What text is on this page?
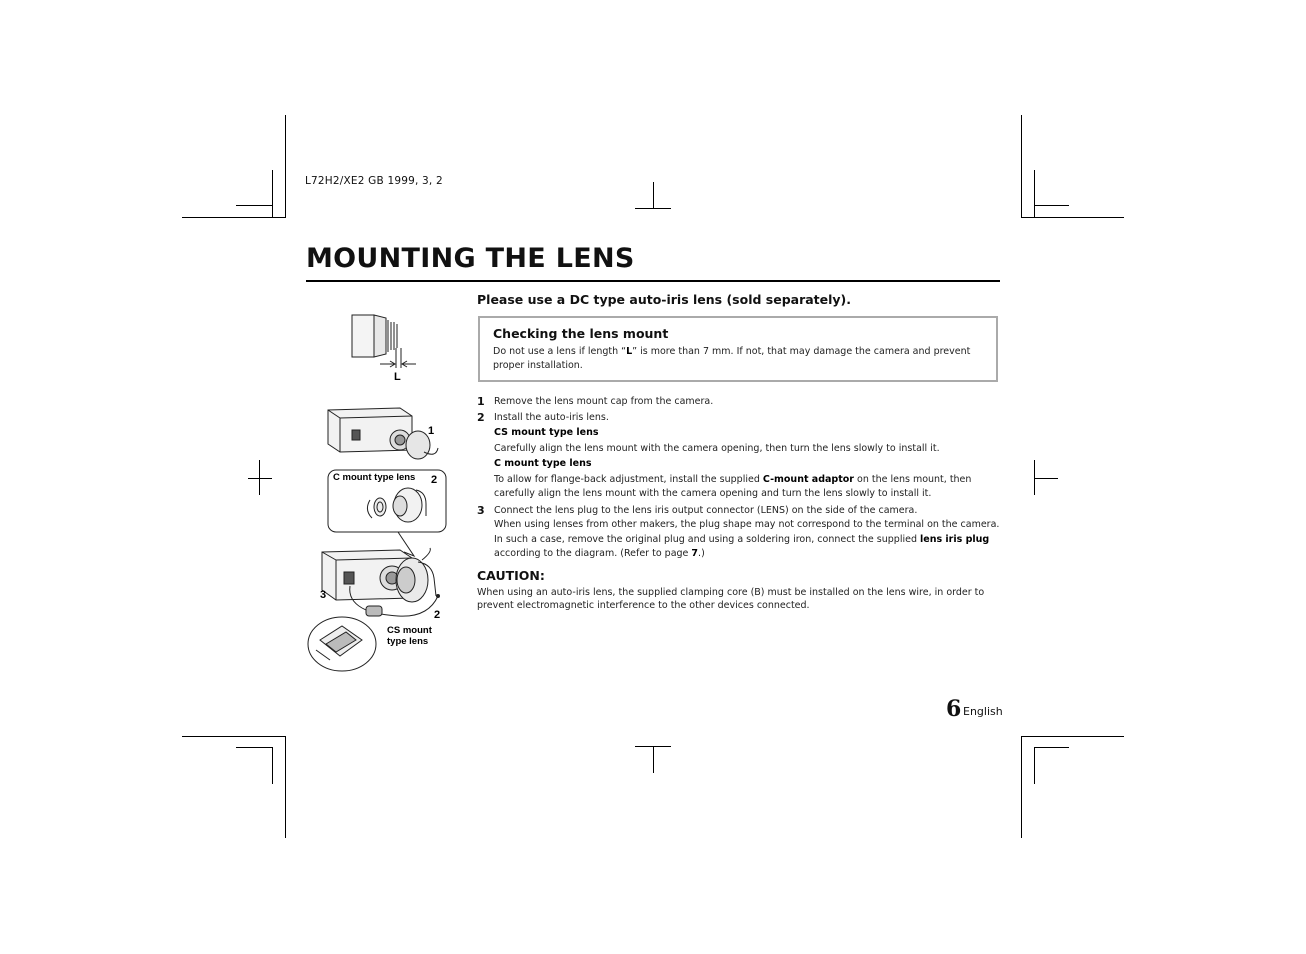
L72H2/XE2 GB 1999, 3, 2
MOUNTING THE LENS
L
1
C mount type lens 2
3
2
CS mount
type lens

Please use a DC type auto-iris lens (sold separately).

Checking the lens mount

Do not use a lens if length “L” is more than 7 mm. If not, that may damage the camera and prevent proper installation.

1 Remove the lens mount cap from the camera.
2 Install the auto-iris lens.
CS mount type lens
Carefully align the lens mount with the camera opening, then turn the lens slowly to install it.
C mount type lens
To allow for flange-back adjustment, install the supplied C-mount adaptor on the lens mount, then
carefully align the lens mount with the camera opening and turn the lens slowly to install it.
3 Connect the lens plug to the lens iris output connector (LENS) on the side of the camera.
When using lenses from other makers, the plug shape may not correspond to the terminal on the camera.
In such a case, remove the original plug and using a soldering iron, connect the supplied lens iris plug
according to the diagram. (Refer to page 7.)

CAUTION:

When using an auto-iris lens, the supplied clamping core (B) must be installed on the lens wire, in order to
prevent electromagnetic interference to the other devices connected.
6 English
